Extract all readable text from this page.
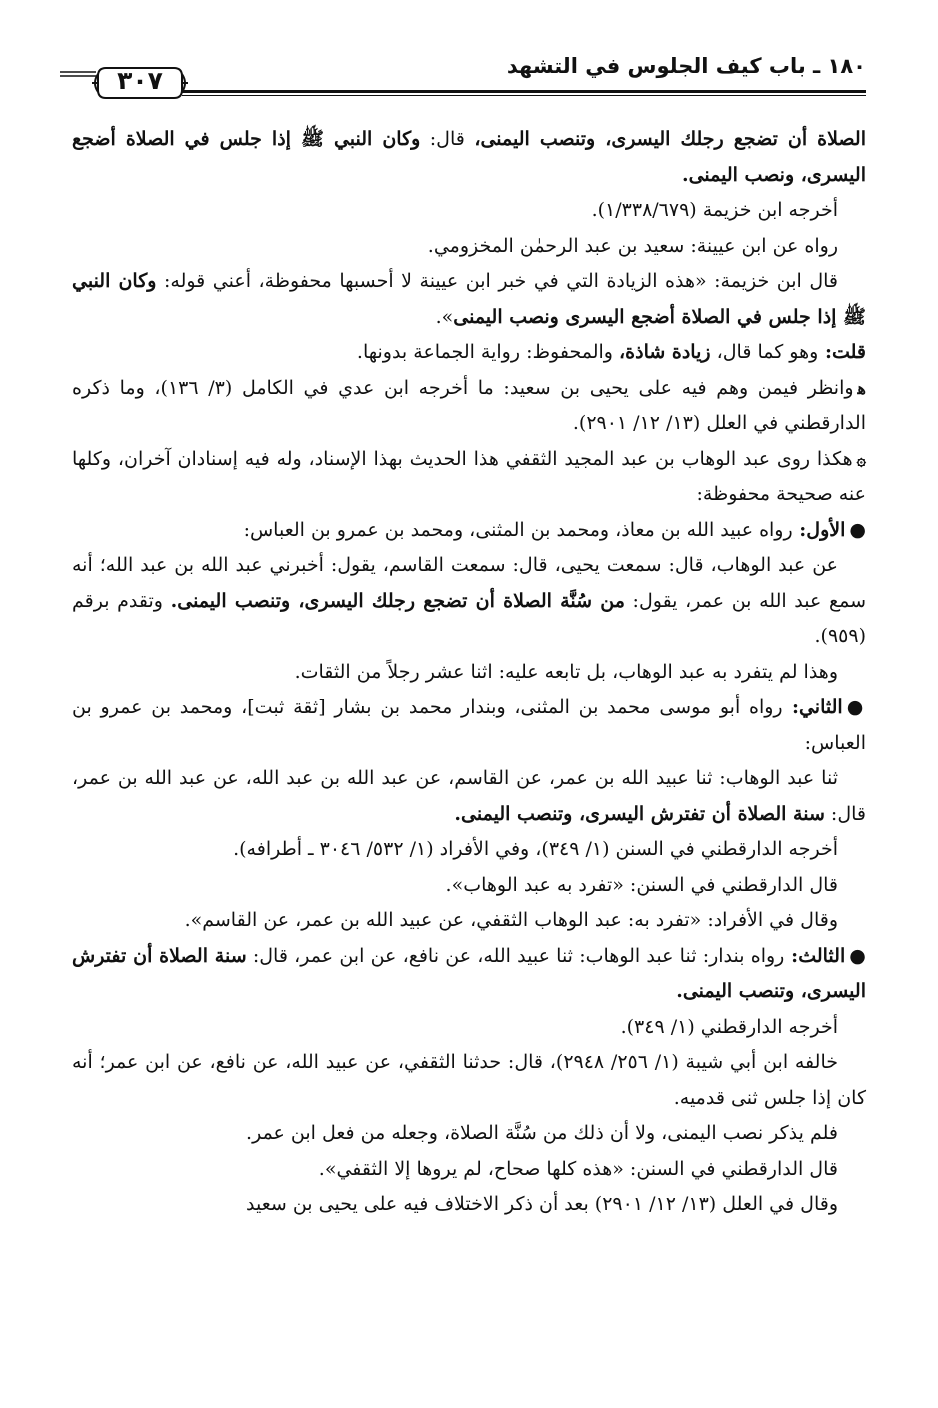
١٨٠ ـ باب كيف الجلوس في التشهد
٣٠٧

الصلاة أن تضجع رجلك اليسرى، وتنصب اليمنى، قال: وكان النبي ﷺ إذا جلس في الصلاة أضجع اليسرى، ونصب اليمنى.

أخرجه ابن خزيمة (١/٣٣٨/٦٧٩).

رواه عن ابن عيينة: سعيد بن عبد الرحمٰن المخزومي.

قال ابن خزيمة: «هذه الزيادة التي في خبر ابن عيينة لا أحسبها محفوظة، أعني قوله: وكان النبي ﷺ إذا جلس في الصلاة أضجع اليسرى ونصب اليمنى».

قلت: وهو كما قال، زيادة شاذة، والمحفوظ: رواية الجماعة بدونها.

ﻫوانظر فيمن وهم فيه على يحيى بن سعيد: ما أخرجه ابن عدي في الكامل (٣/ ١٣٦)، وما ذكره الدارقطني في العلل (١٣/ ١٢/ ٢٩٠١).

۞هكذا روى عبد الوهاب بن عبد المجيد الثقفي هذا الحديث بهذا الإسناد، وله فيه إسنادان آخران، وكلها عنه صحيحة محفوظة:

●الأول: رواه عبيد الله بن معاذ، ومحمد بن المثنى، ومحمد بن عمرو بن العباس:

عن عبد الوهاب، قال: سمعت يحيى، قال: سمعت القاسم، يقول: أخبرني عبد الله بن عبد الله؛ أنه سمع عبد الله بن عمر، يقول: من سُنَّة الصلاة أن تضجع رجلك اليسرى، وتنصب اليمنى. وتقدم برقم (٩٥٩).

وهذا لم يتفرد به عبد الوهاب، بل تابعه عليه: اثنا عشر رجلاً من الثقات.

●الثاني: رواه أبو موسى محمد بن المثنى، وبندار محمد بن بشار [ثقة ثبت]، ومحمد بن عمرو بن العباس:

ثنا عبد الوهاب: ثنا عبيد الله بن عمر، عن القاسم، عن عبد الله بن عبد الله، عن عبد الله بن عمر، قال: سنة الصلاة أن تفترش اليسرى، وتنصب اليمنى.

أخرجه الدارقطني في السنن (١/ ٣٤٩)، وفي الأفراد (١/ ٥٣٢/ ٣٠٤٦ ـ أطرافه).

قال الدارقطني في السنن: «تفرد به عبد الوهاب».

وقال في الأفراد: «تفرد به: عبد الوهاب الثقفي، عن عبيد الله بن عمر، عن القاسم».

●الثالث: رواه بندار: ثنا عبد الوهاب: ثنا عبيد الله، عن نافع، عن ابن عمر، قال: سنة الصلاة أن تفترش اليسرى، وتنصب اليمنى.

أخرجه الدارقطني (١/ ٣٤٩).

خالفه ابن أبي شيبة (١/ ٢٥٦/ ٢٩٤٨)، قال: حدثنا الثقفي، عن عبيد الله، عن نافع، عن ابن عمر؛ أنه كان إذا جلس ثنى قدميه.

فلم يذكر نصب اليمنى، ولا أن ذلك من سُنَّة الصلاة، وجعله من فعل ابن عمر.

قال الدارقطني في السنن: «هذه كلها صحاح، لم يروها إلا الثقفي».

وقال في العلل (١٣/ ١٢/ ٢٩٠١) بعد أن ذكر الاختلاف فيه على يحيى بن سعيد
